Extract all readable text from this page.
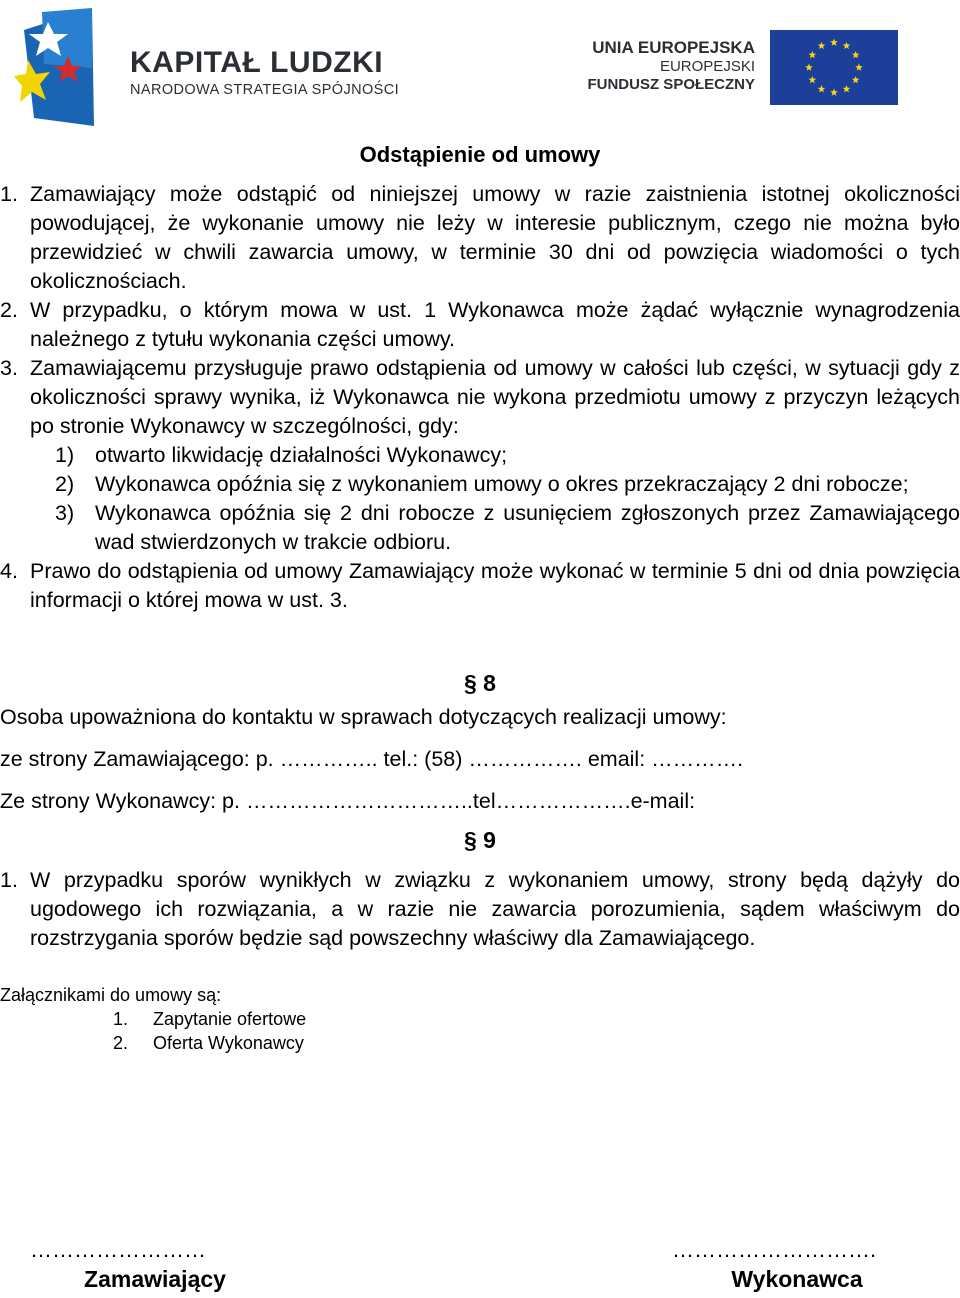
KAPITAŁ LUDZKI
NARODOWA STRATEGIA SPÓJNOŚCI
UNIA EUROPEJSKA
EUROPEJSKI
FUNDUSZ SPOŁECZNY
Odstąpienie od umowy

1. Zamawiający może odstąpić od niniejszej umowy w razie zaistnienia istotnej okoliczności powodującej, że wykonanie umowy nie leży w interesie publicznym, czego nie można było przewidzieć w chwili zawarcia umowy, w terminie 30 dni od powzięcia wiadomości o tych okolicznościach.

2. W przypadku, o którym mowa w ust. 1 Wykonawca może żądać wyłącznie wynagrodzenia należnego z tytułu wykonania części umowy.

3. Zamawiającemu przysługuje prawo odstąpienia od umowy w całości lub części, w sytuacji gdy z okoliczności sprawy wynika, iż Wykonawca nie wykona przedmiotu umowy z przyczyn leżących po stronie Wykonawcy w szczególności, gdy:

1) otwarto likwidację działalności Wykonawcy;

2) Wykonawca opóźnia się z wykonaniem umowy o okres przekraczający 2 dni robocze;

3) Wykonawca opóźnia się 2 dni robocze z usunięciem zgłoszonych przez Zamawiającego wad stwierdzonych w trakcie odbioru.

4. Prawo do odstąpienia od umowy Zamawiający może wykonać w terminie 5 dni od dnia powzięcia informacji o której mowa w ust. 3.

§ 8

Osoba upoważniona do kontaktu w sprawach dotyczących realizacji umowy:

ze strony Zamawiającego: p. ………….. tel.: (58) ……………. email: ………….

Ze strony Wykonawcy: p. …………………………..tel……………….e-mail:

§ 9

1. W przypadku sporów wynikłych w związku z wykonaniem umowy, strony będą dążyły do ugodowego ich rozwiązania, a w razie nie zawarcia porozumienia, sądem właściwym do rozstrzygania sporów będzie sąd powszechny właściwy dla Zamawiającego.

Załącznikami do umowy są:

1. Zapytanie ofertowe

2. Oferta Wykonawcy

……………………
Zamawiający
……………………….
Wykonawca
